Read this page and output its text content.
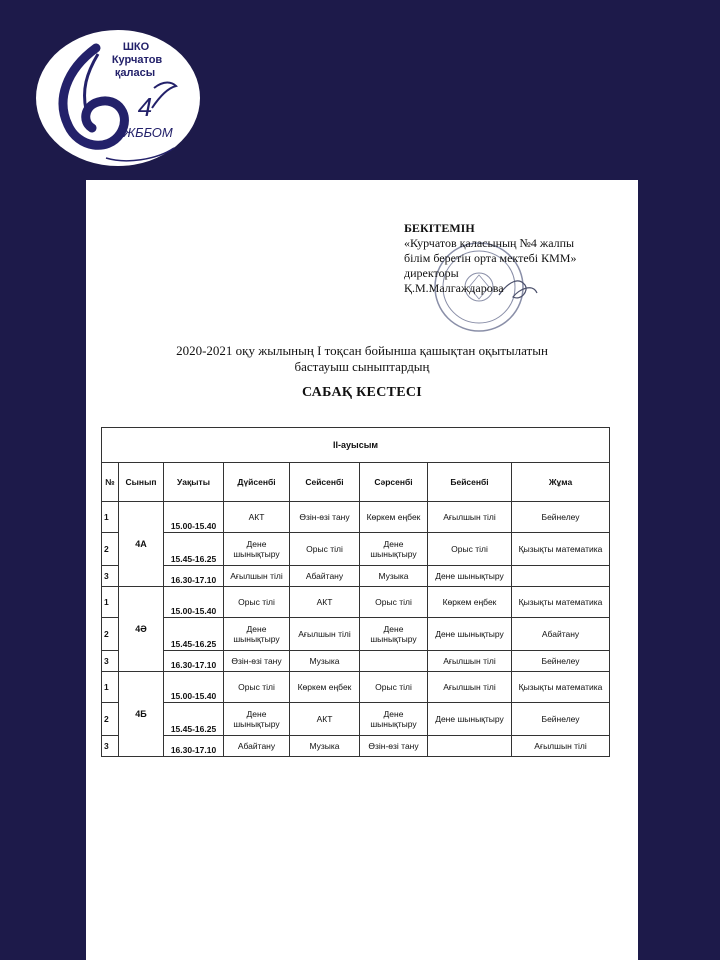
ШКО
Курчатов
қаласы
4
ЖББОМ
БЕКІТЕМІН
«Курчатов қаласының №4 жалпы
білім беретін орта мектебі КММ»
директоры
Қ.М.Малгаждарова
2020-2021 оқу жылының І тоқсан бойынша қашықтан оқытылатын
бастауыш сыныптардың
САБАҚ КЕСТЕСІ
ІІ-ауысым							
№	Сынып	Уақыты	Дүйсенбі	Сейсенбі	Сәрсенбі	Бейсенбі	Жұма
1	4А	15.00-15.40	АКТ	Өзін-өзі тану	Көркем еңбек	Ағылшын тілі	Бейнелеу
2		15.45-16.25	Дене шынықтыру	Орыс тілі	Дене шынықтыру	Орыс тілі	Қызықты математика
3		16.30-17.10	Ағылшын тілі	Абайтану	Музыка	Дене шынықтыру	
1	4Ә	15.00-15.40	Орыс тілі	АКТ	Орыс тілі	Көркем еңбек	Қызықты математика
2		15.45-16.25	Дене шынықтыру	Ағылшын тілі	Дене шынықтыру	Дене шынықтыру	Абайтану
3		16.30-17.10	Өзін-өзі тану	Музыка		Ағылшын тілі	Бейнелеу
1	4Б	15.00-15.40	Орыс тілі	Көркем еңбек	Орыс тілі	Ағылшын тілі	Қызықты математика
2		15.45-16.25	Дене шынықтыру	АКТ	Дене шынықтыру	Дене шынықтыру	Бейнелеу
3		16.30-17.10	Абайтану	Музыка	Өзін-өзі тану		Ағылшын тілі
